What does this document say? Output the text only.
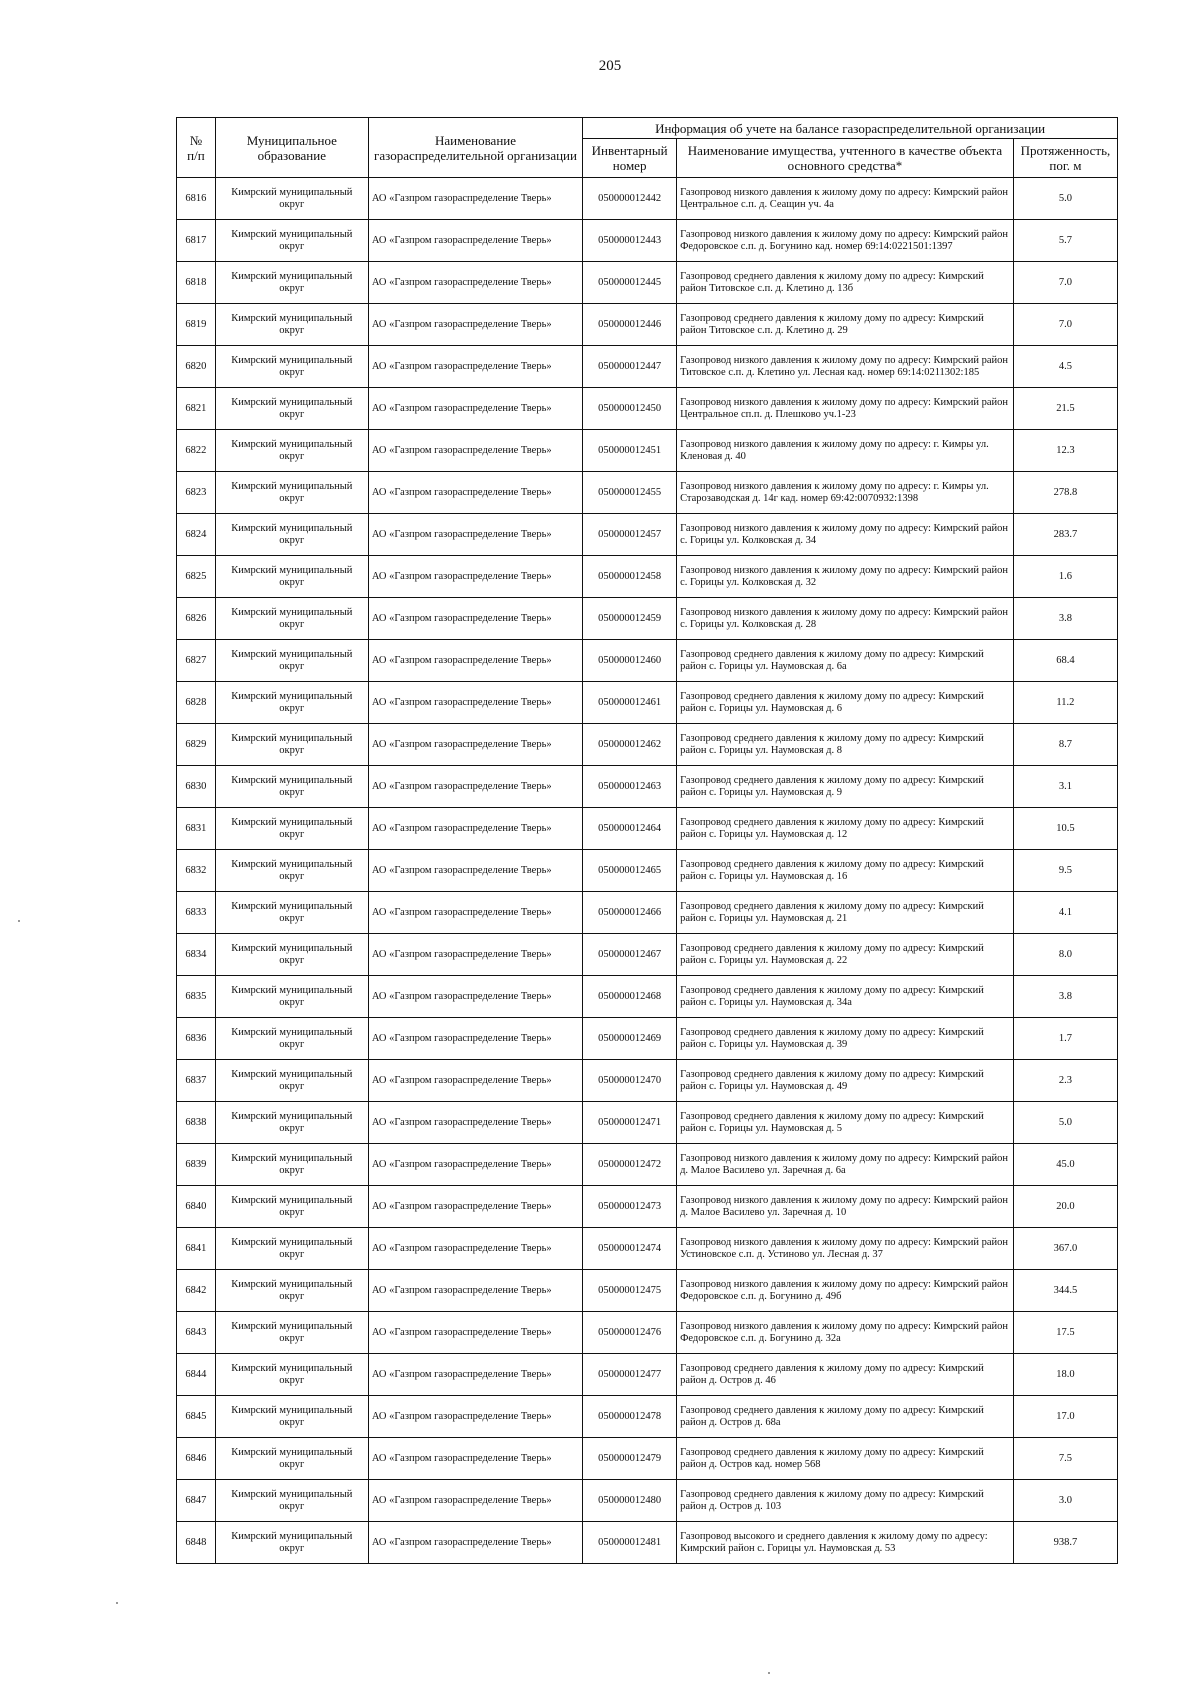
205
№
п/п	Муниципальное образование	Наименование газораспределительной организации	Информация об учете на балансе газораспределительной организации		
			Инвентарный номер	Наименование имущества, учтенного в качестве объекта основного средства*	Протяженность, пог. м
6816	Кимрский муниципальный округ	АО «Газпром газораспределение Тверь»	050000012442	Газопровод низкого давления к жилому дому по адресу: Кимрский район Центральное с.п. д. Сеащин уч. 4а	5.0
6817	Кимрский муниципальный округ	АО «Газпром газораспределение Тверь»	050000012443	Газопровод низкого давления к жилому дому по адресу: Кимрский район Федоровское с.п. д. Богунино кад. номер 69:14:0221501:1397	5.7
6818	Кимрский муниципальный округ	АО «Газпром газораспределение Тверь»	050000012445	Газопровод среднего давления к жилому дому по адресу: Кимрский район Титовское с.п. д. Клетино д. 13б	7.0
6819	Кимрский муниципальный округ	АО «Газпром газораспределение Тверь»	050000012446	Газопровод среднего давления к жилому дому по адресу: Кимрский район Титовское с.п. д. Клетино д. 29	7.0
6820	Кимрский муниципальный округ	АО «Газпром газораспределение Тверь»	050000012447	Газопровод низкого давления к жилому дому по адресу: Кимрский район Титовское с.п. д. Клетино ул. Лесная кад. номер 69:14:0211302:185	4.5
6821	Кимрский муниципальный округ	АО «Газпром газораспределение Тверь»	050000012450	Газопровод низкого давления к жилому дому по адресу: Кимрский район Центральное сп.п. д. Плешково уч.1-23	21.5
6822	Кимрский муниципальный округ	АО «Газпром газораспределение Тверь»	050000012451	Газопровод низкого давления к жилому дому по адресу: г. Кимры ул. Кленовая д. 40	12.3
6823	Кимрский муниципальный округ	АО «Газпром газораспределение Тверь»	050000012455	Газопровод низкого давления к жилому дому по адресу: г. Кимры ул. Старозаводская д. 14г кад. номер 69:42:0070932:1398	278.8
6824	Кимрский муниципальный округ	АО «Газпром газораспределение Тверь»	050000012457	Газопровод низкого давления к жилому дому по адресу: Кимрский район с. Горицы ул. Колковская д. 34	283.7
6825	Кимрский муниципальный округ	АО «Газпром газораспределение Тверь»	050000012458	Газопровод низкого давления к жилому дому по адресу: Кимрский район с. Горицы ул. Колковская д. 32	1.6
6826	Кимрский муниципальный округ	АО «Газпром газораспределение Тверь»	050000012459	Газопровод низкого давления к жилому дому по адресу: Кимрский район с. Горицы ул. Колковская д. 28	3.8
6827	Кимрский муниципальный округ	АО «Газпром газораспределение Тверь»	050000012460	Газопровод среднего давления к жилому дому по адресу: Кимрский район с. Горицы ул. Наумовская д. 6а	68.4
6828	Кимрский муниципальный округ	АО «Газпром газораспределение Тверь»	050000012461	Газопровод среднего давления к жилому дому по адресу: Кимрский район с. Горицы ул. Наумовская д. 6	11.2
6829	Кимрский муниципальный округ	АО «Газпром газораспределение Тверь»	050000012462	Газопровод среднего давления к жилому дому по адресу: Кимрский район с. Горицы ул. Наумовская д. 8	8.7
6830	Кимрский муниципальный округ	АО «Газпром газораспределение Тверь»	050000012463	Газопровод среднего давления к жилому дому по адресу: Кимрский район с. Горицы ул. Наумовская д. 9	3.1
6831	Кимрский муниципальный округ	АО «Газпром газораспределение Тверь»	050000012464	Газопровод среднего давления к жилому дому по адресу: Кимрский район с. Горицы ул. Наумовская д. 12	10.5
6832	Кимрский муниципальный округ	АО «Газпром газораспределение Тверь»	050000012465	Газопровод среднего давления к жилому дому по адресу: Кимрский район с. Горицы ул. Наумовская д. 16	9.5
6833	Кимрский муниципальный округ	АО «Газпром газораспределение Тверь»	050000012466	Газопровод среднего давления к жилому дому по адресу: Кимрский район с. Горицы ул. Наумовская д. 21	4.1
6834	Кимрский муниципальный округ	АО «Газпром газораспределение Тверь»	050000012467	Газопровод среднего давления к жилому дому по адресу: Кимрский район с. Горицы ул. Наумовская д. 22	8.0
6835	Кимрский муниципальный округ	АО «Газпром газораспределение Тверь»	050000012468	Газопровод среднего давления к жилому дому по адресу: Кимрский район с. Горицы ул. Наумовская д. 34а	3.8
6836	Кимрский муниципальный округ	АО «Газпром газораспределение Тверь»	050000012469	Газопровод среднего давления к жилому дому по адресу: Кимрский район с. Горицы ул. Наумовская д. 39	1.7
6837	Кимрский муниципальный округ	АО «Газпром газораспределение Тверь»	050000012470	Газопровод среднего давления к жилому дому по адресу: Кимрский район с. Горицы ул. Наумовская д. 49	2.3
6838	Кимрский муниципальный округ	АО «Газпром газораспределение Тверь»	050000012471	Газопровод среднего давления к жилому дому по адресу: Кимрский район с. Горицы ул. Наумовская д. 5	5.0
6839	Кимрский муниципальный округ	АО «Газпром газораспределение Тверь»	050000012472	Газопровод низкого давления к жилому дому по адресу: Кимрский район д. Малое Василево ул. Заречная д. 6а	45.0
6840	Кимрский муниципальный округ	АО «Газпром газораспределение Тверь»	050000012473	Газопровод низкого давления к жилому дому по адресу: Кимрский район д. Малое Василево ул. Заречная д. 10	20.0
6841	Кимрский муниципальный округ	АО «Газпром газораспределение Тверь»	050000012474	Газопровод низкого давления к жилому дому по адресу: Кимрский район Устиновское с.п. д. Устиново ул. Лесная д. 37	367.0
6842	Кимрский муниципальный округ	АО «Газпром газораспределение Тверь»	050000012475	Газопровод низкого давления к жилому дому по адресу: Кимрский район Федоровское с.п. д. Богунино д. 49б	344.5
6843	Кимрский муниципальный округ	АО «Газпром газораспределение Тверь»	050000012476	Газопровод низкого давления к жилому дому по адресу: Кимрский район Федоровское с.п. д. Богунино д. 32а	17.5
6844	Кимрский муниципальный округ	АО «Газпром газораспределение Тверь»	050000012477	Газопровод среднего давления к жилому дому по адресу: Кимрский район д. Остров д. 46	18.0
6845	Кимрский муниципальный округ	АО «Газпром газораспределение Тверь»	050000012478	Газопровод среднего давления к жилому дому по адресу: Кимрский район д. Остров д. 68а	17.0
6846	Кимрский муниципальный округ	АО «Газпром газораспределение Тверь»	050000012479	Газопровод среднего давления к жилому дому по адресу: Кимрский район д. Остров кад. номер 568	7.5
6847	Кимрский муниципальный округ	АО «Газпром газораспределение Тверь»	050000012480	Газопровод среднего давления к жилому дому по адресу: Кимрский район д. Остров д. 103	3.0
6848	Кимрский муниципальный округ	АО «Газпром газораспределение Тверь»	050000012481	Газопровод высокого и среднего давления к жилому дому по адресу: Кимрский район с. Горицы ул. Наумовская д. 53	938.7
